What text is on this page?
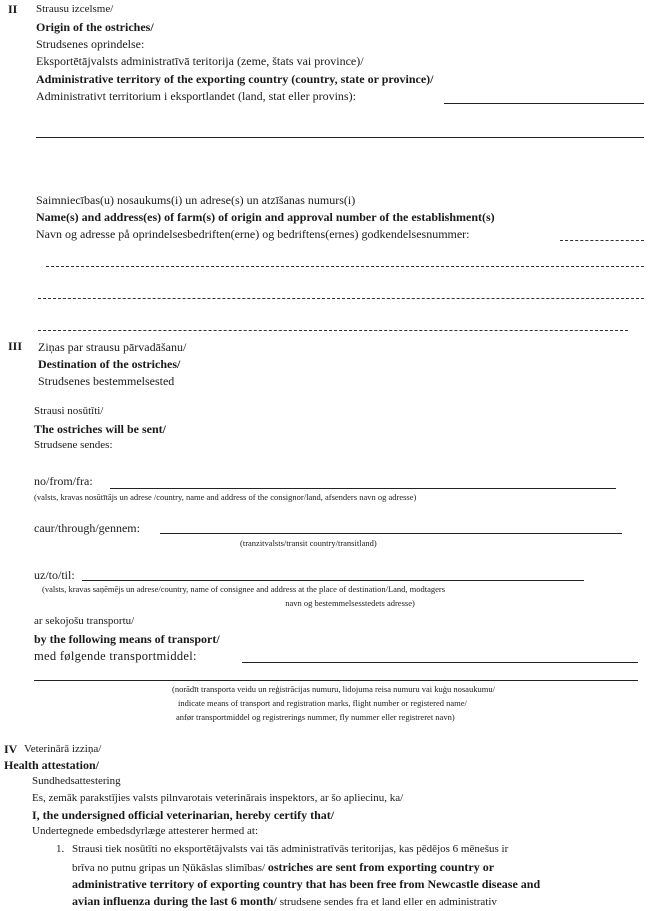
II Strausu izcelsme/
Origin of the ostriches/
Strudsenes oprindelse:
Eksportētājvalsts administratīvā teritorija (zeme, štats vai province)/
Administrative territory of the exporting country (country, state or province)/
Administrativt territorium i eksportlandet (land, stat eller provins):
Saimniecības(u) nosaukums(i) un adrese(s) un atzīšanas numurs(i)
Name(s) and address(es) of farm(s) of origin and approval number of the establishment(s)
Navn og adresse på oprindelsesbedriften(erne) og bedriftens(ernes) godkendelsesnummer:
III Ziņas par strausu pārvadāšanu/
Destination of the ostriches/
Strudsenes bestemmelsested
Strausi nosūtīti/
The ostriches will be sent/
Strudsene sendes:
no/from/fra:
(valsts, kravas nosūtītājs un adrese /country, name and address of the consignor/land, afsenders navn og adresse)
caur/through/gennem:
(tranzitvalsts/transit country/transitland)
uz/to/til:
(valsts, kravas saņēmējs un adrese/country, name of consignee and address at the place of destination/Land, modtagers
navn og bestemmelsesstedets adresse)
ar sekojošu transportu/
by the following means of transport/
med følgende transportmiddel:
(norādīt transporta veidu un reģistrācijas numuru, lidojuma reisa numuru vai kuģu nosaukumu/
indicate means of transport and registration marks, flight number or registered name/
anfør transportmiddel og registrerings nummer, fly nummer eller registreret navn)
IV Veterinārā izziņa/
Health attestation/
Sundhedsattestering
Es, zemāk parakstījies valsts pilnvarotais veterinārais inspektors, ar šo apliecinu, ka/
I, the undersigned official veterinarian, hereby certify that/
Undertegnede embedsdyrlæge attesterer hermed at:
1. Strausi tiek nosūtīti no eksportētājvalsts vai tās administratīvās teritorijas, kas pēdējos 6 mēnešus ir
brīva no putnu gripas un Ņūkāslas slimības/ ostriches are sent from exporting country or
administrative territory of exporting country that has been free from Newcastle disease and
avian influenza during the last 6 month/ strudsene sendes fra et land eller en administrativ
